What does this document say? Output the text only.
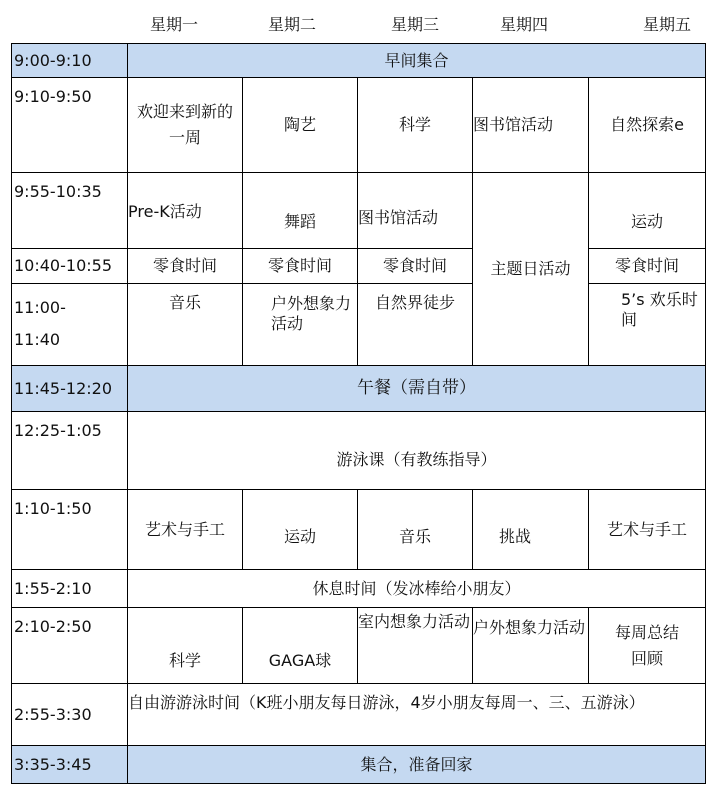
星期一	星期二	星期三	星期四	星期五
9:00-9:10	早间集合				
9:10-9:50	欢迎来到新的一周	陶艺	科学	图书馆活动	自然探索e
9:55-10:35	Pre-K活动	舞蹈	图书馆活动	主题日活动	运动
10:40-10:55	零食时间	零食时间	零食时间		零食时间

11:00-11:40	音乐	户外想象力活动	自然界徒步		5’s 欢乐时间
11:45-12:20	午餐（需自带）				
12:25-1:05	游泳课（有教练指导）				
1:10-1:50	艺术与手工	运动	音乐	挑战	艺术与手工
1:55-2:10	休息时间（发冰棒给小朋友）				
2:10-2:50	科学	GAGA球	室内想象力活动	户外想象力活动	每周总结回顾
2:55-3:30	自由游游泳时间（K班小朋友每日游泳，4岁小朋友每周一、三、五游泳）				
3:35-3:45	集合，准备回家				
